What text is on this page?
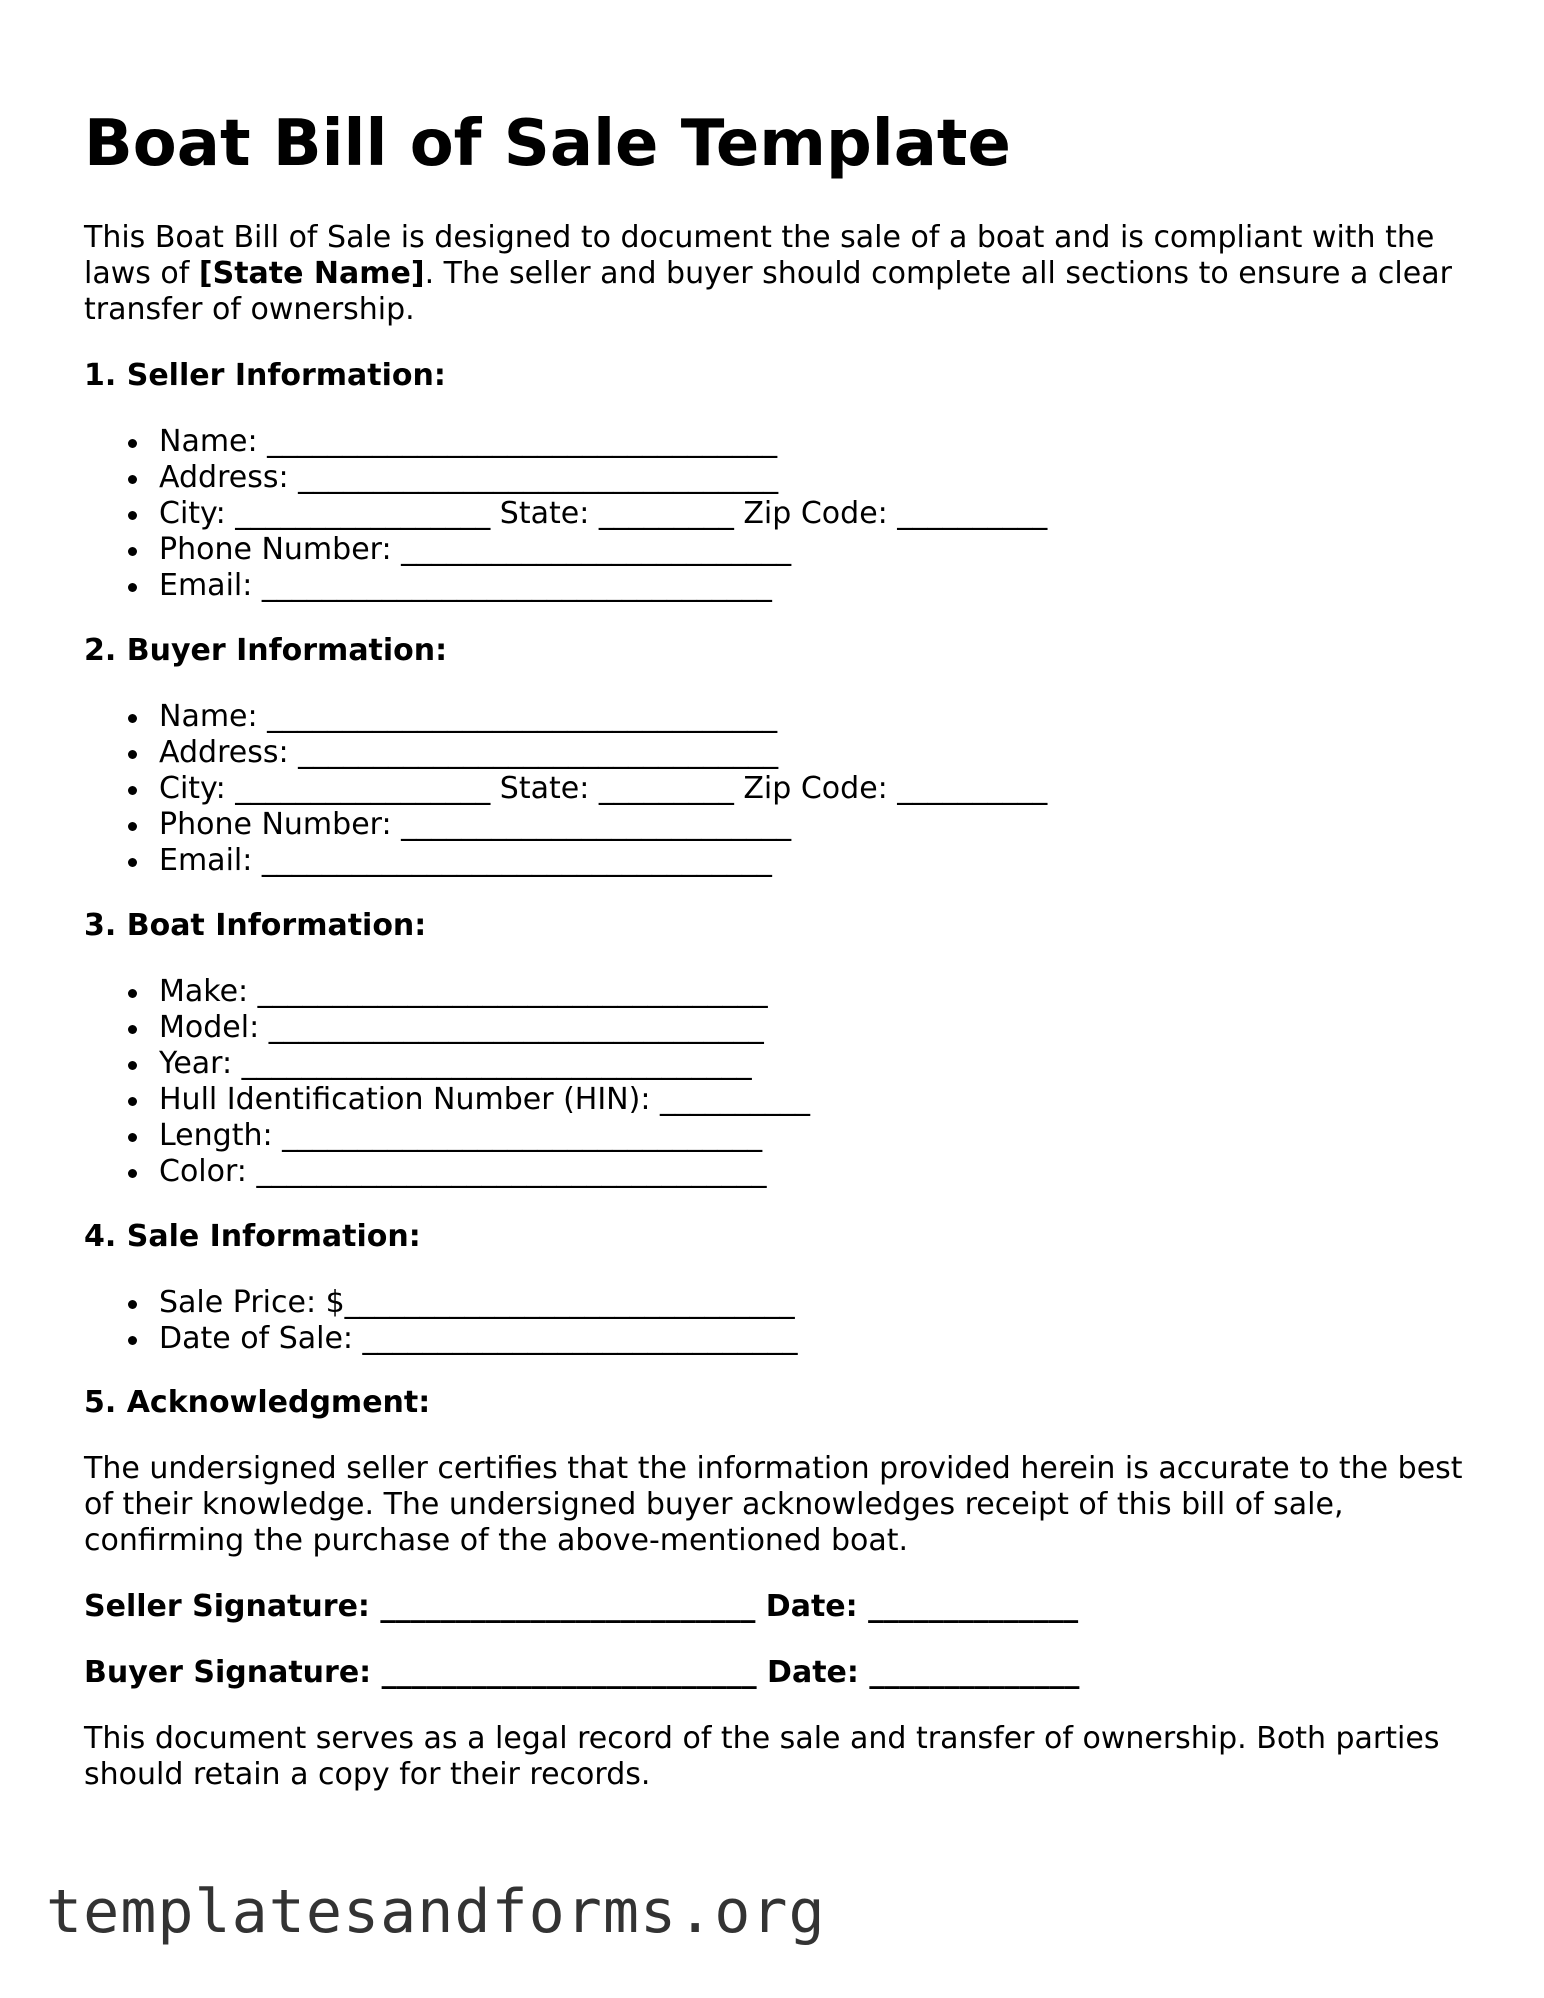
Boat Bill of Sale Template

This Boat Bill of Sale is designed to document the sale of a boat and is compliant with the laws of [State Name]. The seller and buyer should complete all sections to ensure a clear transfer of ownership.

1. Seller Information:

Name: __________________________________
Address: ________________________________
City: _________________ State: _________ Zip Code: __________
Phone Number: __________________________
Email: __________________________________

2. Buyer Information:

Name: __________________________________
Address: ________________________________
City: _________________ State: _________ Zip Code: __________
Phone Number: __________________________
Email: __________________________________

3. Boat Information:

Make: __________________________________
Model: _________________________________
Year: __________________________________
Hull Identification Number (HIN): __________
Length: ________________________________
Color: __________________________________

4. Sale Information:

Sale Price: $______________________________
Date of Sale: _____________________________

5. Acknowledgment:

The undersigned seller certifies that the information provided herein is accurate to the best of their knowledge. The undersigned buyer acknowledges receipt of this bill of sale, confirming the purchase of the above-mentioned boat.

Seller Signature: _________________________ Date: ______________

Buyer Signature: _________________________ Date: ______________

This document serves as a legal record of the sale and transfer of ownership. Both parties should retain a copy for their records.

templatesandforms.org
